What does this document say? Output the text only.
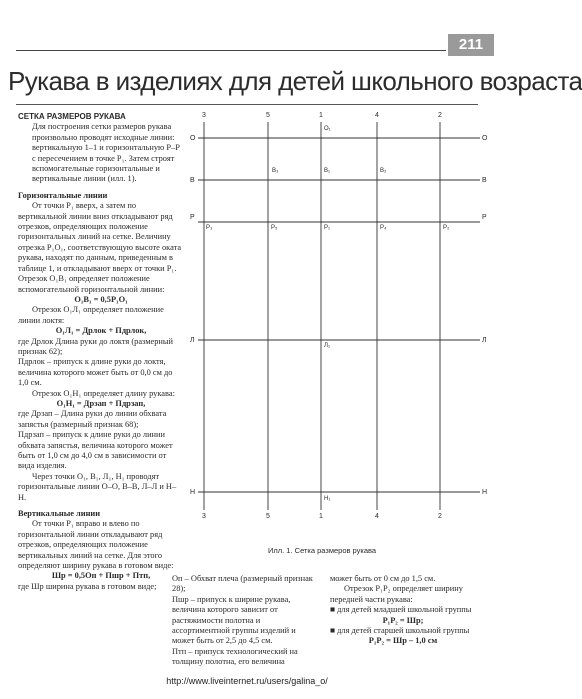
211
Рукава в изделиях для детей школьного возраста

СЕТКА РАЗМЕРОВ РУКАВА

Для построения сетки размеров рукава произвольно проводят исходные линии: вертикальную 1–1 и горизонтальную Р–Р с пересечением в точке Р₁. Затем строят вспомогательные горизонтальные и вертикальные линии (илл. 1).

Горизонтальные линии

От точки Р₁ вверх, а затем по вертикальной линии вниз откладывают ряд отрезков, определяющих положение горизонтальных линий на сетке. Величину отрезка Р₁О₁, соответствующую высоте оката рукава, находят по данным, приведенным в таблице 1, и откладывают вверх от точки Р₁. Отрезок О₁В₁ определяет положение вспомогательной горизонтальной линии:

О₁В₁ = 0,5Р₁О₁

Отрезок О₁Л₁ определяет положение линии локтя:

О₁Л₁ = Дрлок + Пдрлок,

где Дрлок Длина руки до локтя (размерный признак 62);

Пдрлок – припуск к длине руки до локтя, величина которого может быть от 0,0 см до 1,0 см.

Отрезок О₁Н₁ определяет длину рукава:

О₁Н₁ = Дрзап + Пдрзап,

где Дрзап – Длина руки до линии обхвата запястья (размерный признак 68);

Пдрзап – припуск к длине руки до линии обхвата запястья, величина которого может быть от 1,0 см до 4,0 см в зависимости от вида изделия.

Через точки О₁, В₁, Л₁, Н₁ проводят горизонтальные линии О–О, В–В, Л–Л и Н–Н.

Вертикальные линии

От точки Р₁ вправо и влево по горизонтальной линии откладывают ряд отрезков, определяющих положение вертикальных линий на сетке. Для этого определяют ширину рукава в готовом виде:

Шр = 0,5Оп + Пшр + Птп,

где Шр ширина рукава в готовом виде;

Оп – Обхват плеча (размерный признак 28);

Пшр – припуск к ширине рукава, величина которого зависит от растяжимости полотна и ассортиментной группы изделий и может быть от 2,5 до 4,5 см.

Птп – припуск технологический на толщину полотна, его величина

может быть от 0 см до 1,5 см.

Отрезок Р₁Р₂ определяет ширину передней части рукава:

■ для детей младшей школьной группы

Р₁Р₂ = Шр;

■ для детей старшей школьной группы

Р₁Р₂ = Шр – 1,0 см

3	5	1	4	2
3	5	1	4	2
О
В
Р
Л
Н
О
В
Р
Л
Н
О₁
В₃	В₁	В₂
Р₃	Р₅	Р₁	Р₄	Р₂
Л₁
Н₁
Илл. 1. Сетка размеров рукава
http://www.liveinternet.ru/users/galina_o/
